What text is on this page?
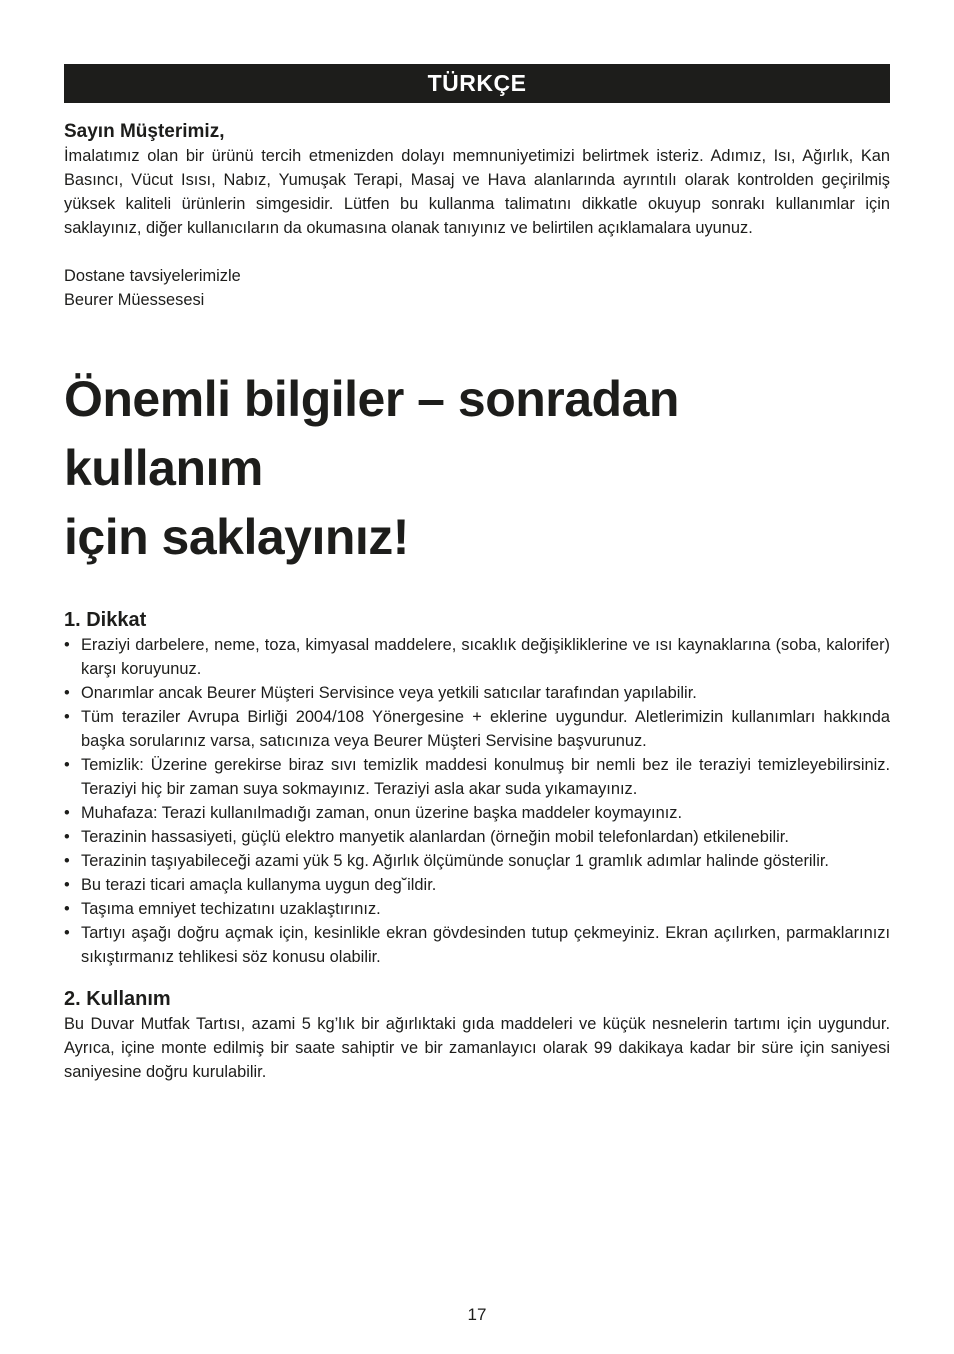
TÜRKÇE
Sayın Müşterimiz,

İmalatımız olan bir ürünü tercih etmenizden dolayı memnuniyetimizi belirtmek isteriz. Adımız, Isı, Ağırlık, Kan Basıncı, Vücut Isısı, Nabız, Yumuşak Terapi, Masaj ve Hava alanlarında ayrıntılı olarak kontrolden geçirilmiş yüksek kaliteli ürünlerin simgesidir. Lütfen bu kullanma talimatını dikkatle okuyup sonrakı kullanımlar için saklayınız, diğer kullanıcıların da okumasına olanak tanıyınız ve belirtilen açıklamalara uyunuz.

Dostane tavsiyelerimizle
Beurer Müessesesi
Önemli bilgiler – sonradan kullanım
için saklayınız!
1. Dikkat
• Eraziyi darbelere, neme, toza, kimyasal maddelere, sıcaklık değişikliklerine ve ısı kaynaklarına (soba, kalorifer) karşı koruyunuz.
• Onarımlar ancak Beurer Müşteri Servisince veya yetkili satıcılar tarafından yapılabilir.
• Tüm teraziler Avrupa Birliği 2004/108 Yönergesine + eklerine uygundur. Aletlerimizin kullanımları hakkında başka sorularınız varsa, satıcınıza veya Beurer Müşteri Servisine başvurunuz.
• Temizlik: Üzerine gerekirse biraz sıvı temizlik maddesi konulmuş bir nemli bez ile teraziyi temizleyebilirsiniz. Teraziyi hiç bir zaman suya sokmayınız. Teraziyi asla akar suda yıkamayınız.
• Muhafaza: Terazi kullanılmadığı zaman, onun üzerine başka maddeler koymayınız.
• Terazinin hassasiyeti, güçlü elektro manyetik alanlardan (örneğin mobil telefonlardan) etkilenebilir.
• Terazinin taşıyabileceği azami yük 5 kg. Ağırlık ölçümünde sonuçlar 1 gramlık adımlar halinde gösterilir.
• Bu terazi ticari amaçla kullanyma uygun deg˘ildir.
• Taşıma emniyet techizatını uzaklaştırınız.
• Tartıyı aşağı doğru açmak için, kesinlikle ekran gövdesinden tutup çekmeyiniz. Ekran açılırken, parmaklarınızı sıkıştırmanız tehlikesi söz konusu olabilir.
2. Kullanım

Bu Duvar Mutfak Tartısı, azami 5 kg’lık bir ağırlıktaki gıda maddeleri ve küçük nesnelerin tartımı için uygundur. Ayrıca, içine monte edilmiş bir saate sahiptir ve bir zamanlayıcı olarak 99 dakikaya kadar bir süre için saniyesi saniyesine doğru kurulabilir.

17
